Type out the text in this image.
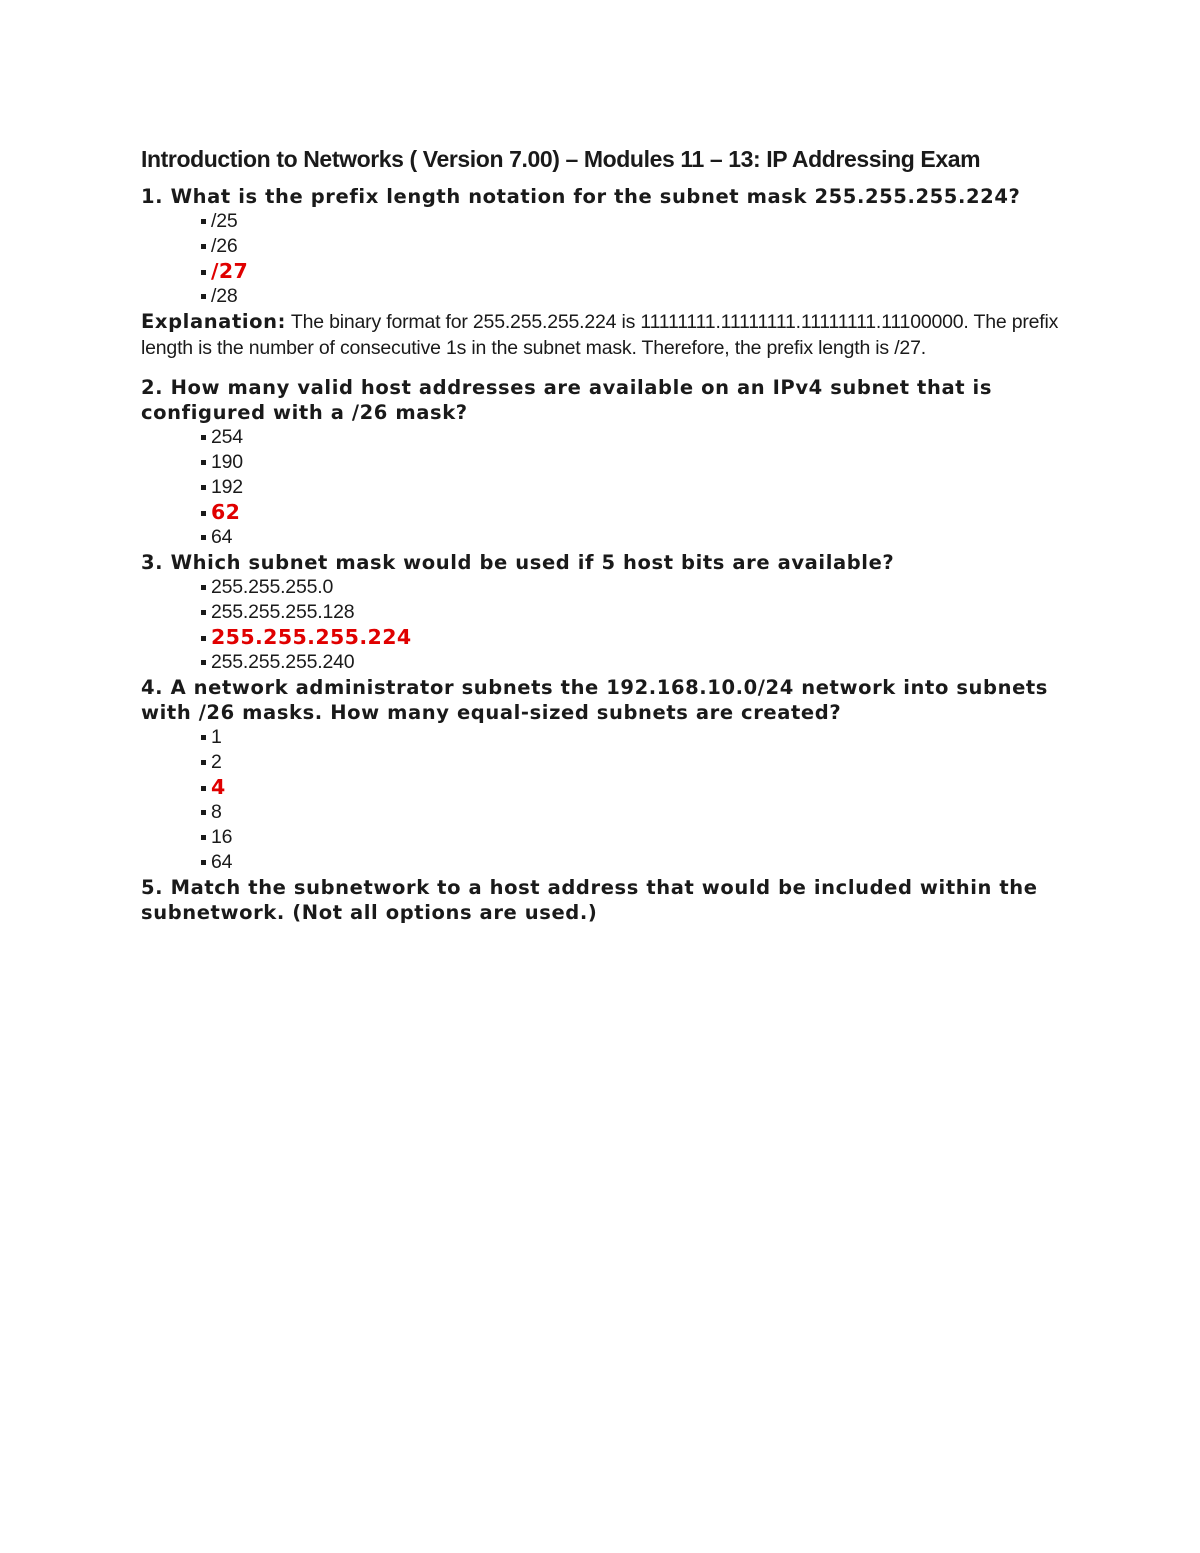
Introduction to Networks ( Version 7.00) – Modules 11 – 13: IP Addressing Exam
1. What is the prefix length notation for the subnet mask 255.255.255.224?
/25
/26
/27
/28
Explanation: The binary format for 255.255.255.224 is 11111111.11111111.11111111.11100000. The prefix length is the number of consecutive 1s in the subnet mask. Therefore, the prefix length is /27.
2. How many valid host addresses are available on an IPv4 subnet that is configured with a /26 mask?
254
190
192
62
64
3. Which subnet mask would be used if 5 host bits are available?
255.255.255.0
255.255.255.128
255.255.255.224
255.255.255.240
4. A network administrator subnets the 192.168.10.0/24 network into subnets with /26 masks. How many equal-sized subnets are created?
1
2
4
8
16
64
5. Match the subnetwork to a host address that would be included within the subnetwork. (Not all options are used.)
